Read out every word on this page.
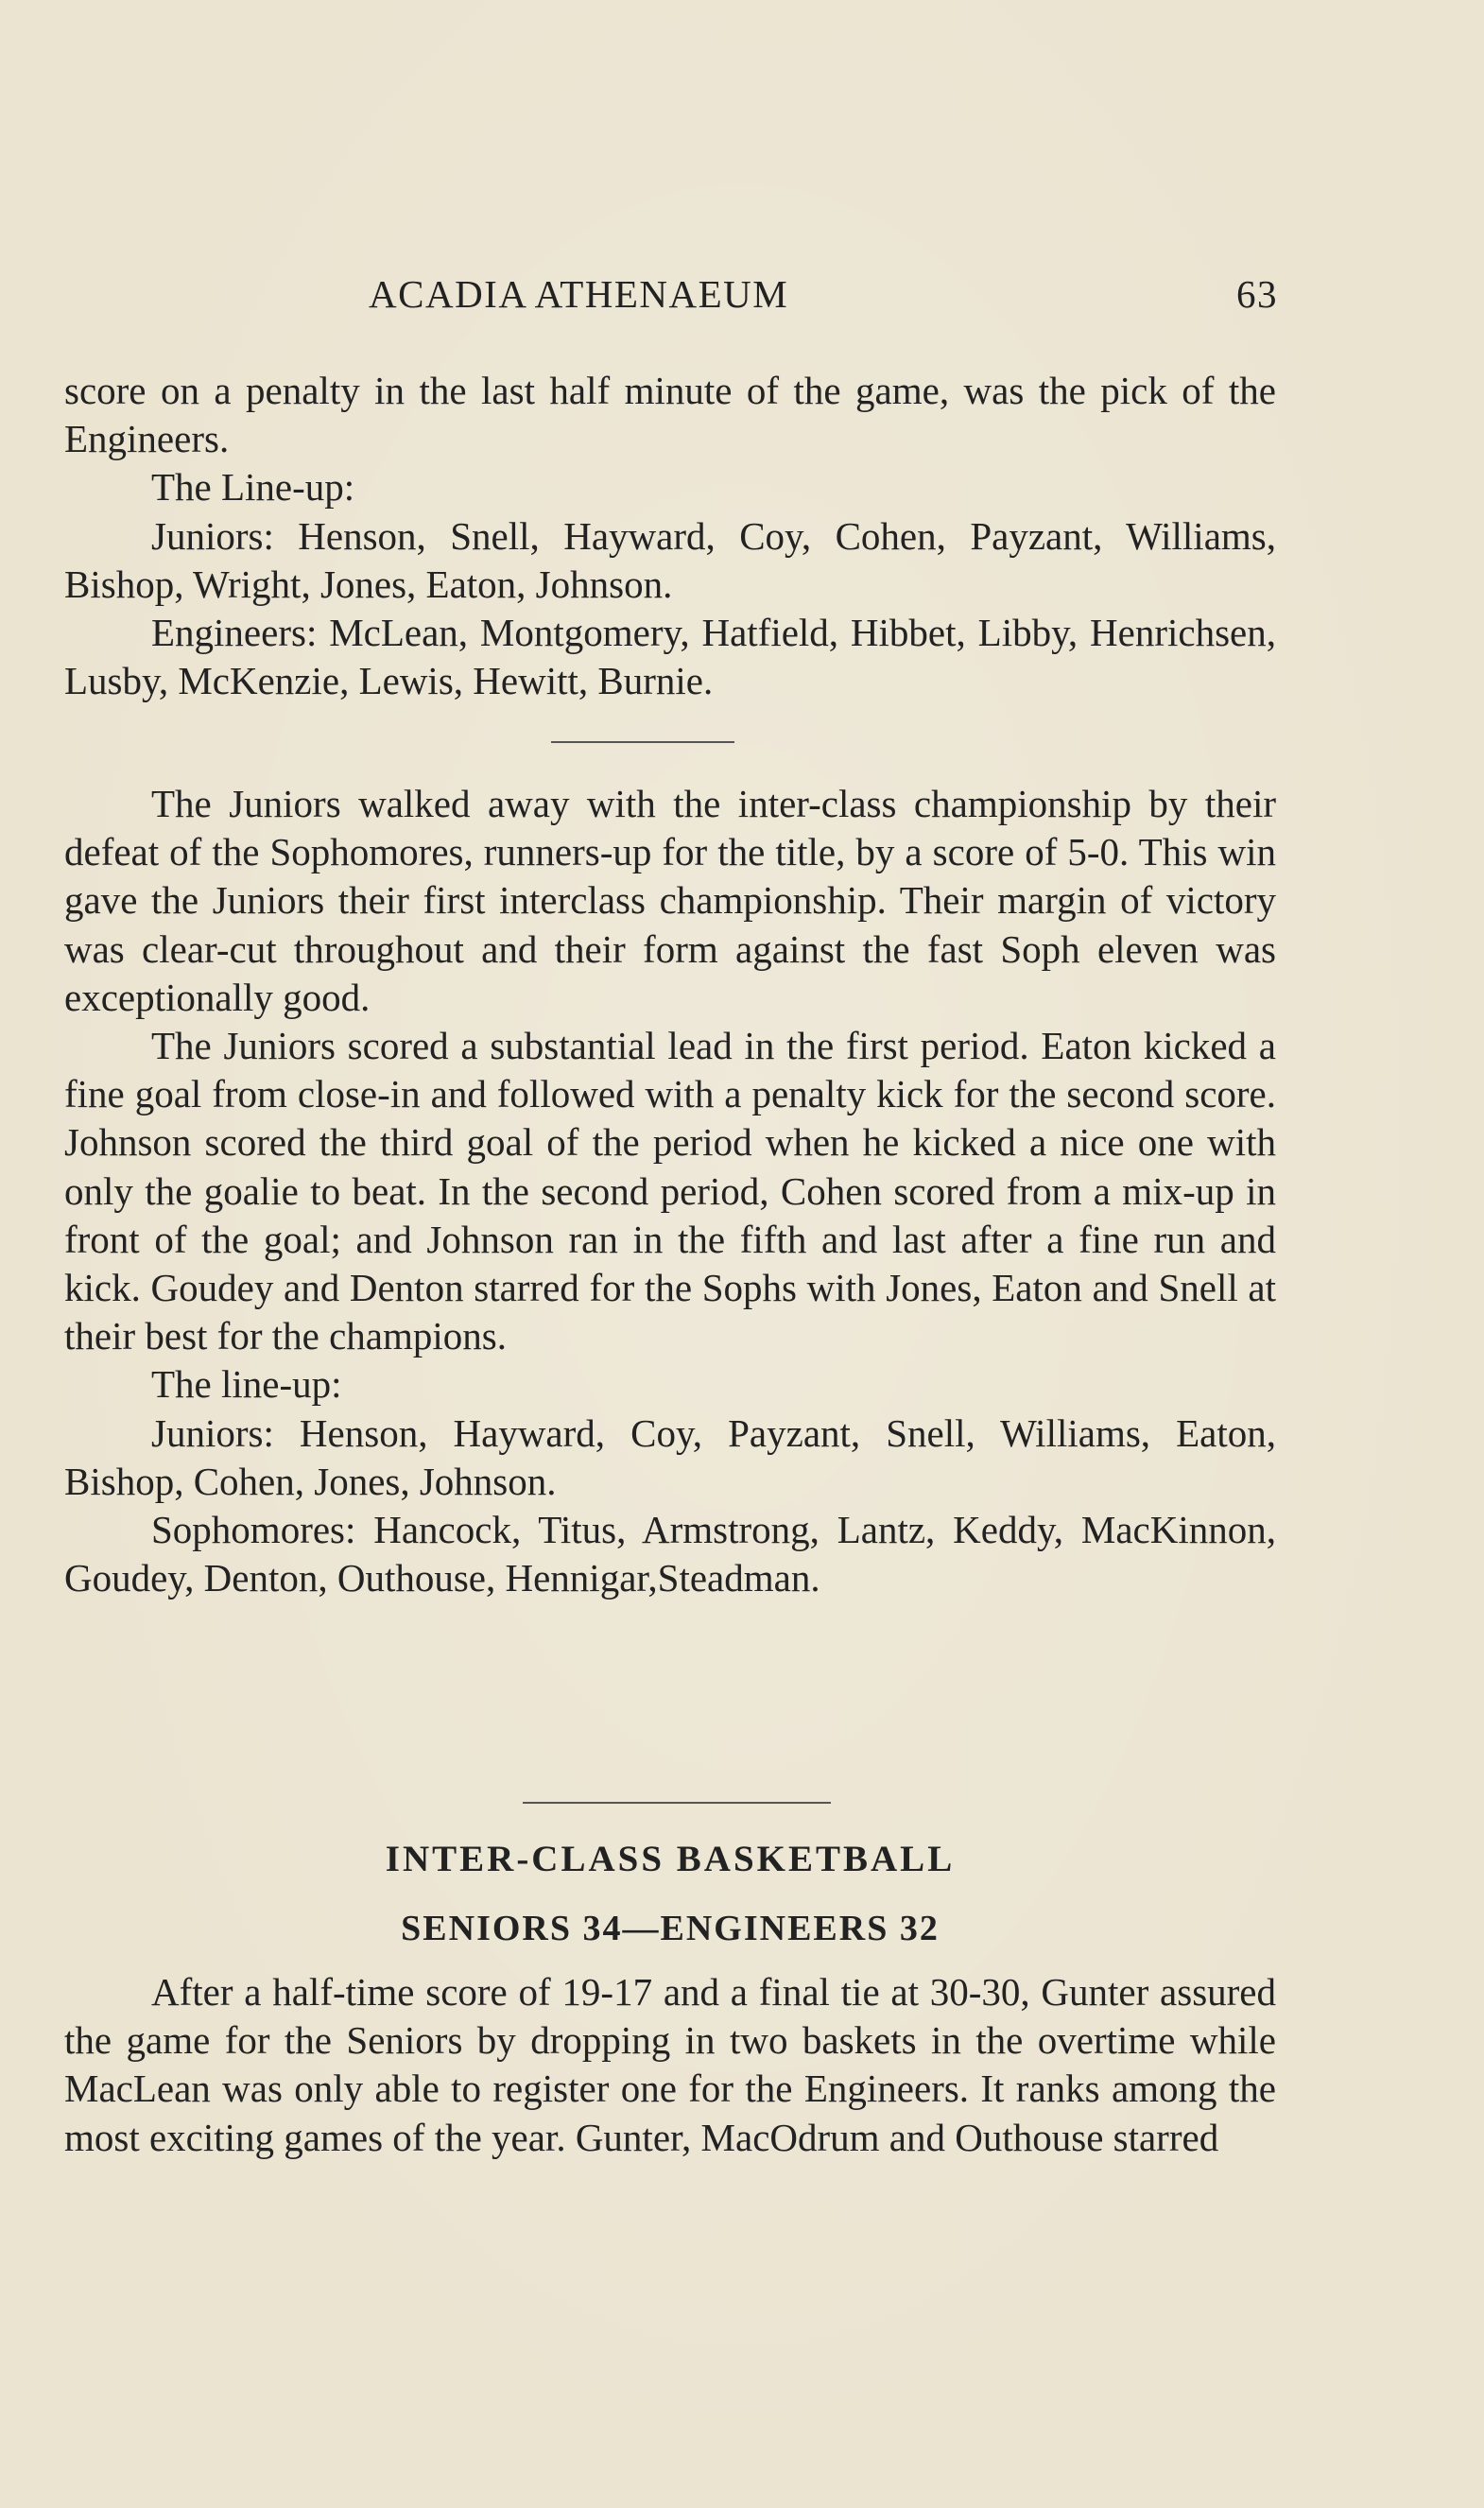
ACADIA ATHENAEUM	63

score on a penalty in the last half minute of the game, was the pick of the Engineers.

The Line-up:

Juniors: Henson, Snell, Hayward, Coy, Cohen, Payzant, Williams, Bishop, Wright, Jones, Eaton, Johnson.

Engineers: McLean, Montgomery, Hatfield, Hibbet, Libby, Henrichsen, Lusby, McKenzie, Lewis, Hewitt, Burnie.

The Juniors walked away with the inter-class championship by their defeat of the Sophomores, runners-up for the title, by a score of 5-0. This win gave the Juniors their first interclass championship. Their margin of victory was clear-cut throughout and their form against the fast Soph eleven was exceptionally good.

The Juniors scored a substantial lead in the first period. Eaton kicked a fine goal from close-in and followed with a penalty kick for the second score. Johnson scored the third goal of the period when he kicked a nice one with only the goalie to beat. In the second period, Cohen scored from a mix-up in front of the goal; and Johnson ran in the fifth and last after a fine run and kick. Goudey and Denton starred for the Sophs with Jones, Eaton and Snell at their best for the champions.

The line-up:

Juniors: Henson, Hayward, Coy, Payzant, Snell, Williams, Eaton, Bishop, Cohen, Jones, Johnson.

Sophomores: Hancock, Titus, Armstrong, Lantz, Keddy, MacKinnon, Goudey, Denton, Outhouse, Hennigar,Steadman.

INTER-CLASS BASKETBALL
SENIORS 34—ENGINEERS 32

After a half-time score of 19-17 and a final tie at 30-30, Gunter assured the game for the Seniors by dropping in two baskets in the overtime while MacLean was only able to register one for the Engineers. It ranks among the most exciting games of the year. Gunter, MacOdrum and Outhouse starred
